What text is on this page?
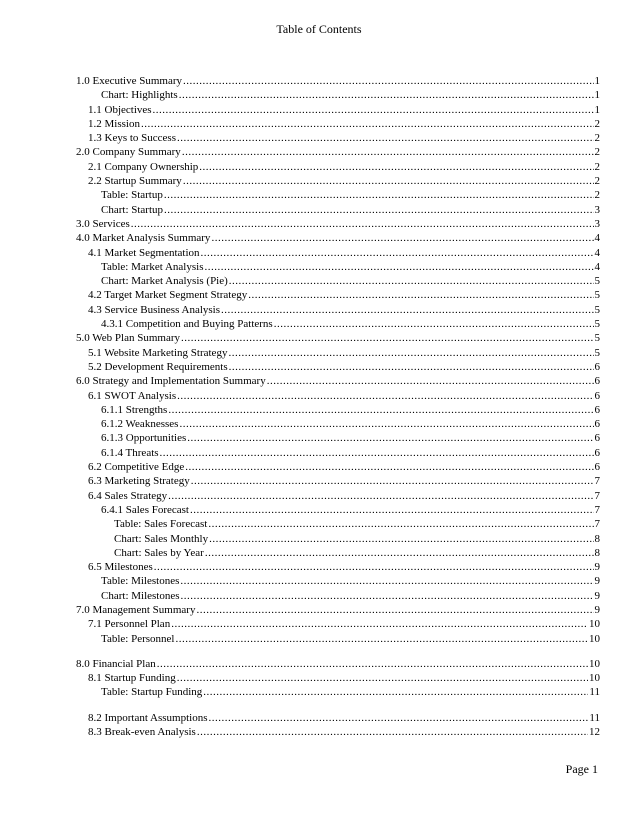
Table of Contents
1.0 Executive Summary .....	1
Chart: Highlights .....	1
1.1 Objectives .....	1
1.2 Mission .....	2
1.3 Keys to Success .....	2
2.0 Company Summary .....	2
2.1 Company Ownership .....	2
2.2 Startup Summary .....	2
Table: Startup .....	2
Chart: Startup .....	3
3.0 Services .....	3
4.0 Market Analysis Summary .....	4
4.1 Market Segmentation .....	4
Table: Market Analysis .....	4
Chart: Market Analysis (Pie) .....	5
4.2 Target Market Segment Strategy .....	5
4.3 Service Business Analysis .....	5
4.3.1 Competition and Buying Patterns .....	5
5.0 Web Plan Summary .....	5
5.1 Website Marketing Strategy .....	5
5.2 Development Requirements .....	6
6.0 Strategy and Implementation Summary .....	6
6.1 SWOT Analysis .....	6
6.1.1 Strengths .....	6
6.1.2 Weaknesses .....	6
6.1.3 Opportunities .....	6
6.1.4 Threats .....	6
6.2 Competitive Edge .....	6
6.3 Marketing Strategy .....	7
6.4 Sales Strategy .....	7
6.4.1 Sales Forecast .....	7
Table: Sales Forecast .....	7
Chart: Sales Monthly .....	8
Chart: Sales by Year .....	8
6.5 Milestones .....	9
Table: Milestones .....	9
Chart: Milestones .....	9
7.0 Management Summary .....	9
7.1 Personnel Plan .....	10
Table: Personnel .....	10
8.0 Financial Plan .....	10
8.1 Startup Funding .....	10
Table: Startup Funding .....	11
8.2 Important Assumptions .....	11
8.3 Break-even Analysis .....	12
Page 1
